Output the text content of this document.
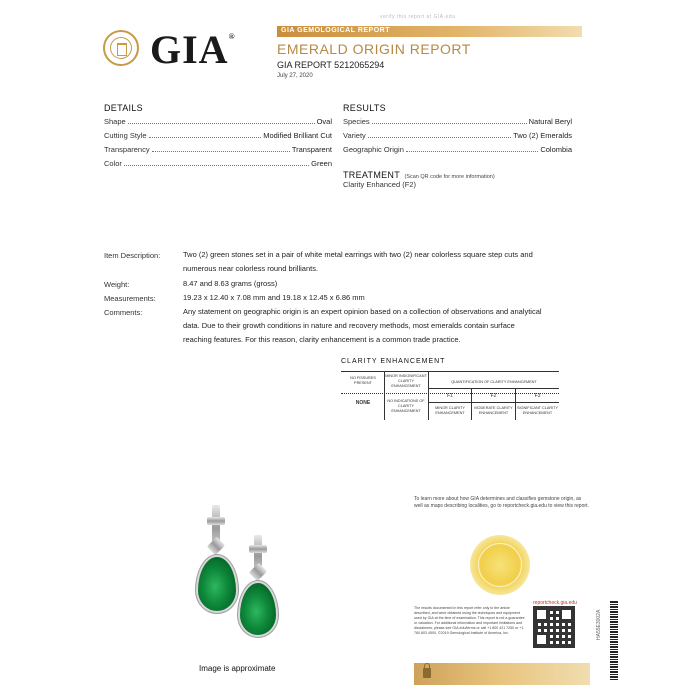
GIA®
verify this report at GIA.edu
GIA GEMOLOGICAL REPORT
EMERALD ORIGIN REPORT
GIA REPORT 5212065294
July 27, 2020
DETAILS
Shape	Oval
Cutting Style	Modified Brilliant Cut
Transparency	Transparent
Color	Green
RESULTS
Species	Natural Beryl
Variety	Two (2) Emeralds
Geographic Origin	Colombia
TREATMENT (Scan QR code for more information)
Clarity Enhanced (F2)
Item Description:	Two (2) green stones set in a pair of white metal earrings with two (2) near colorless square step cuts and
numerous near colorless round brilliants.
Weight:	8.47 and 8.63 grams (gross)
Measurements:	19.23 x 12.40 x 7.08 mm and 19.18 x 12.45 x 6.86 mm
Comments:	Any statement on geographic origin is an expert opinion based on a collection of observations and analytical
data. Due to their growth conditions in nature and recovery methods, most emeralds contain surface
reaching features. For this reason, clarity enhancement is a common trade practice.
CLARITY ENHANCEMENT
NO FISSURES PRESENT
MINOR INSIGNIFICANT CLARITY ENHANCEMENT
QUANTIFICATION OF CLARITY ENHANCEMENT
NONE	NO INDICATIONS OF CLARITY ENHANCEMENT
F1	F2	F3
MINOR CLARITY ENHANCEMENT
MODERATE CLARITY ENHANCEMENT
SIGNIFICANT CLARITY ENHANCEMENT
Image is approximate
To learn more about how GIA determines and classifies gemstone origin, as well as maps describing localities, go to reportcheck.gia.edu to view this report.
reportcheck.gia.edu
The results documented in this report refer only to the article described, and were obtained using the techniques and equipment used by GIA at the time of examination. This report is not a guarantee or valuation. For additional information and important limitations and disclaimers, please see GIA.edu/terms or call +1 800 421 7250 or +1 760 603 4500. ©2019 Gemological Institute of America, Inc.	HA55E3002A
